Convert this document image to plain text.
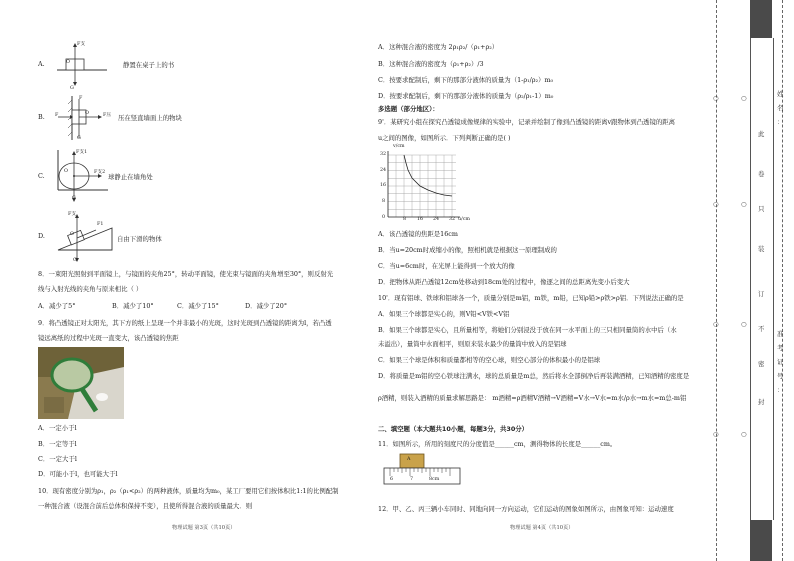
A.
F支
O
G
静置在桌子上的书
B.
F
F	F压
O
G
压在竖直墙面上的物块
C.
F支1
O	F支2
G
球静止在墙角处
D.
F支
F1
O
G
自由下滑的物体
8．一束阳光照射到平面镜上，与镜面的夹角25°，转动平面镜，使光束与镜面的夹角增至30°，则反射光
线与入射光线的夹角与原来相比（ ）
A．减少了5°	B．减少了10°	C．减少了15°	D．减少了20°
9．将凸透镜正对太阳光，其下方的纸上呈现一个并非最小的光斑，这时光斑到凸透镜的距离为l，若凸透
镜远离纸的过程中光斑一直变大，该凸透镜的焦距
A．一定小于l
B．一定等于l
C．一定大于l
D．可能小于l，也可能大于l
10．现有密度分别为ρ₁，ρ₂（ρ₁<ρ₂）的两种液体，质量均为m₀，某工厂要用它们按体积比1:1的比例配制
一种混合液（设混合前后总体积保持不变），且使所得混合液的质量最大．则
物理试题 第3页（共10页）
A．这种混合液的密度为 2ρ₁ρ₂/（ρ₁+ρ₂）
B．这种混合液的密度为（ρ₁+ρ₂）/3
C．按要求配制后，剩下的那部分液体的质量为（1-ρ₁/ρ₂）m₀
D．按要求配制后，剩下的那部分液体的质量为（ρ₂/ρ₁-1）m₀
多选题（部分地区）：
9'．某研究小组在探究凸透镜成像规律的实验中，记录并绘制了像到凸透镜的距离v跟物体到凸透镜的距离
u之间的图像，如图所示．下列判断正确的是( )
v/cm
32
24
16
8
0	8 16 24 32 u/cm
A．该凸透镜的焦距是16cm
B．当u=20cm时成缩小的像，照相机就是根据这一原理制成的
C．当u=6cm时，在光屏上能得到一个放大的像
D．把物体从距凸透镜12cm处移动到18cm处的过程中，像逐之间的总距离先变小后变大
10'．现有铝球、铁球和铝球各一个，质量分别是m铝，m铁，m铅，已知ρ铅>ρ铁>ρ铝．下列说法正确的是
A．如果三个球都是实心的，则V铅<V铁<V铝
B．如果三个球都是实心，且所量相等，将她们分别浸没于放在同一水平面上的三只相同量筒的水中后（水
未溢出），量筒中水面相平，则原来装水最少的量筒中放入的是铝球
C．如果三个球是体积和质量都相等的空心球，则空心部分的体积最小的是铝球
D．将质量是m铝的空心铁球注满水，球的总质量是m总，然后将水全部倒净后再装满酒精，已知酒精的密度是
ρ酒精，则装入酒精的质量求解思路是： m酒精=ρ酒精V酒精→V酒精=V水→V水=m水/ρ水→m水=m总-m铝
二、填空题（本大题共10小题，每题3分，共30分）
11．如图所示，所用的刻度尺的分度值是______cm，测得物体的长度是______cm。
A
6	7	8cm
12．甲、乙、丙三辆小车同时、同地向同一方向运动，它们运动的图象如图所示，由图象可知：运动速度
物理试题 第4页（共10页）
○
○
○
○
○
○
○
○
此
卷
只
装
订
不
密
封
姓
名
：
准
考
证
号
：
